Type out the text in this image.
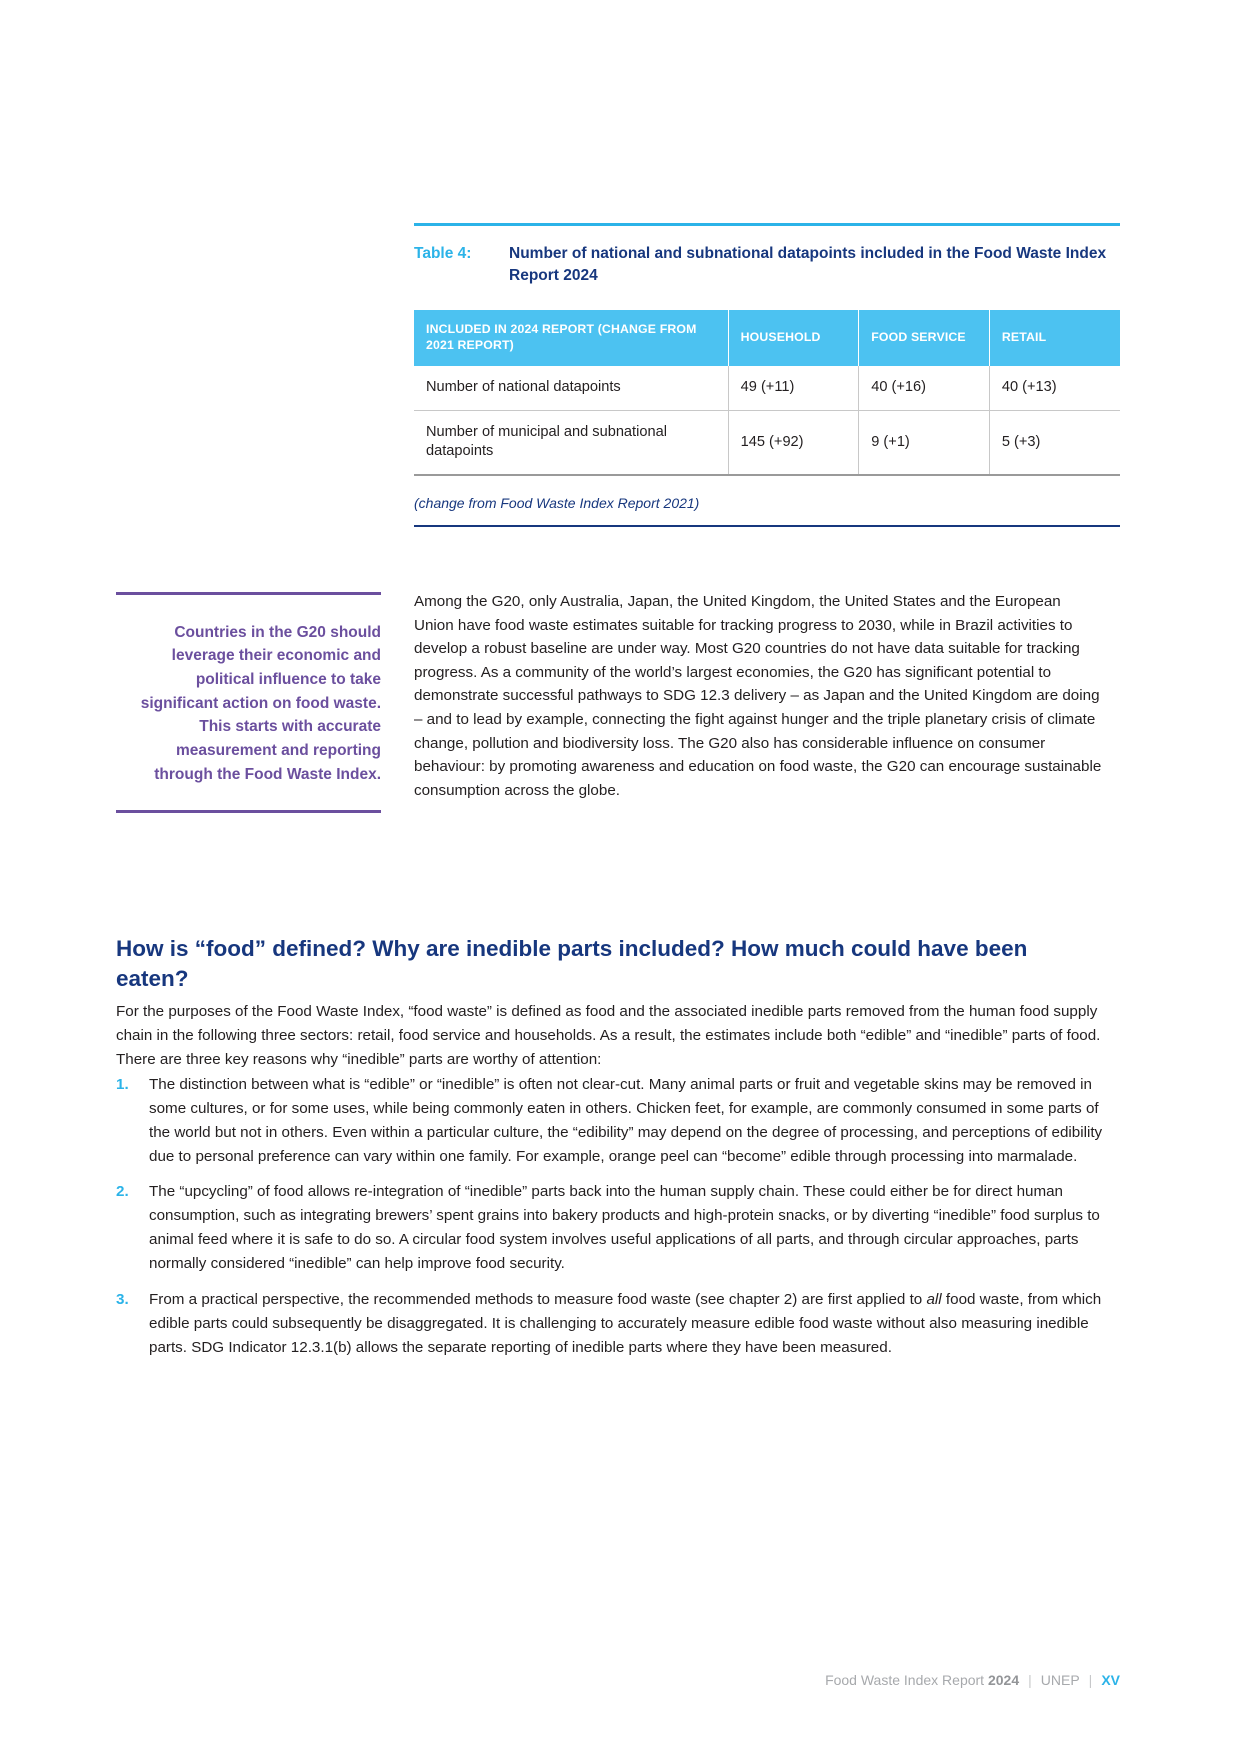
Table 4:	Number of national and subnational datapoints included in the Food Waste Index Report 2024
INCLUDED IN 2024 REPORT (CHANGE FROM 2021 REPORT)	HOUSEHOLD	FOOD SERVICE	RETAIL
Number of national datapoints	49 (+11)	40 (+16)	40 (+13)
Number of municipal and subnational datapoints	145 (+92)	9 (+1)	5 (+3)
(change from Food Waste Index Report 2021)
Countries in the G20 should leverage their economic and political influence to take significant action on food waste. This starts with accurate measurement and reporting through the Food Waste Index.

Among the G20, only Australia, Japan, the United Kingdom, the United States and the European Union have food waste estimates suitable for tracking progress to 2030, while in Brazil activities to develop a robust baseline are under way. Most G20 countries do not have data suitable for tracking progress. As a community of the world’s largest economies, the G20 has significant potential to demonstrate successful pathways to SDG 12.3 delivery – as Japan and the United Kingdom are doing – and to lead by example, connecting the fight against hunger and the triple planetary crisis of climate change, pollution and biodiversity loss. The G20 also has considerable influence on consumer behaviour: by promoting awareness and education on food waste, the G20 can encourage sustainable consumption across the globe.

How is “food” defined? Why are inedible parts included? How much could have been eaten?

For the purposes of the Food Waste Index, “food waste” is defined as food and the associated inedible parts removed from the human food supply chain in the following three sectors: retail, food service and households. As a result, the estimates include both “edible” and “inedible” parts of food. There are three key reasons why “inedible” parts are worthy of attention:

1.	The distinction between what is “edible” or “inedible” is often not clear-cut. Many animal parts or fruit and vegetable skins may be removed in some cultures, or for some uses, while being commonly eaten in others. Chicken feet, for example, are commonly consumed in some parts of the world but not in others. Even within a particular culture, the “edibility” may depend on the degree of processing, and perceptions of edibility due to personal preference can vary within one family. For example, orange peel can “become” edible through processing into marmalade.
2.	The “upcycling” of food allows re-integration of “inedible” parts back into the human supply chain. These could either be for direct human consumption, such as integrating brewers’ spent grains into bakery products and high-protein snacks, or by diverting “inedible” food surplus to animal feed where it is safe to do so. A circular food system involves useful applications of all parts, and through circular approaches, parts normally considered “inedible” can help improve food security.
3.	From a practical perspective, the recommended methods to measure food waste (see chapter 2) are first applied to all food waste, from which edible parts could subsequently be disaggregated. It is challenging to accurately measure edible food waste without also measuring inedible parts. SDG Indicator 12.3.1(b) allows the separate reporting of inedible parts where they have been measured.
Food Waste Index Report 2024 | UNEP | XV
